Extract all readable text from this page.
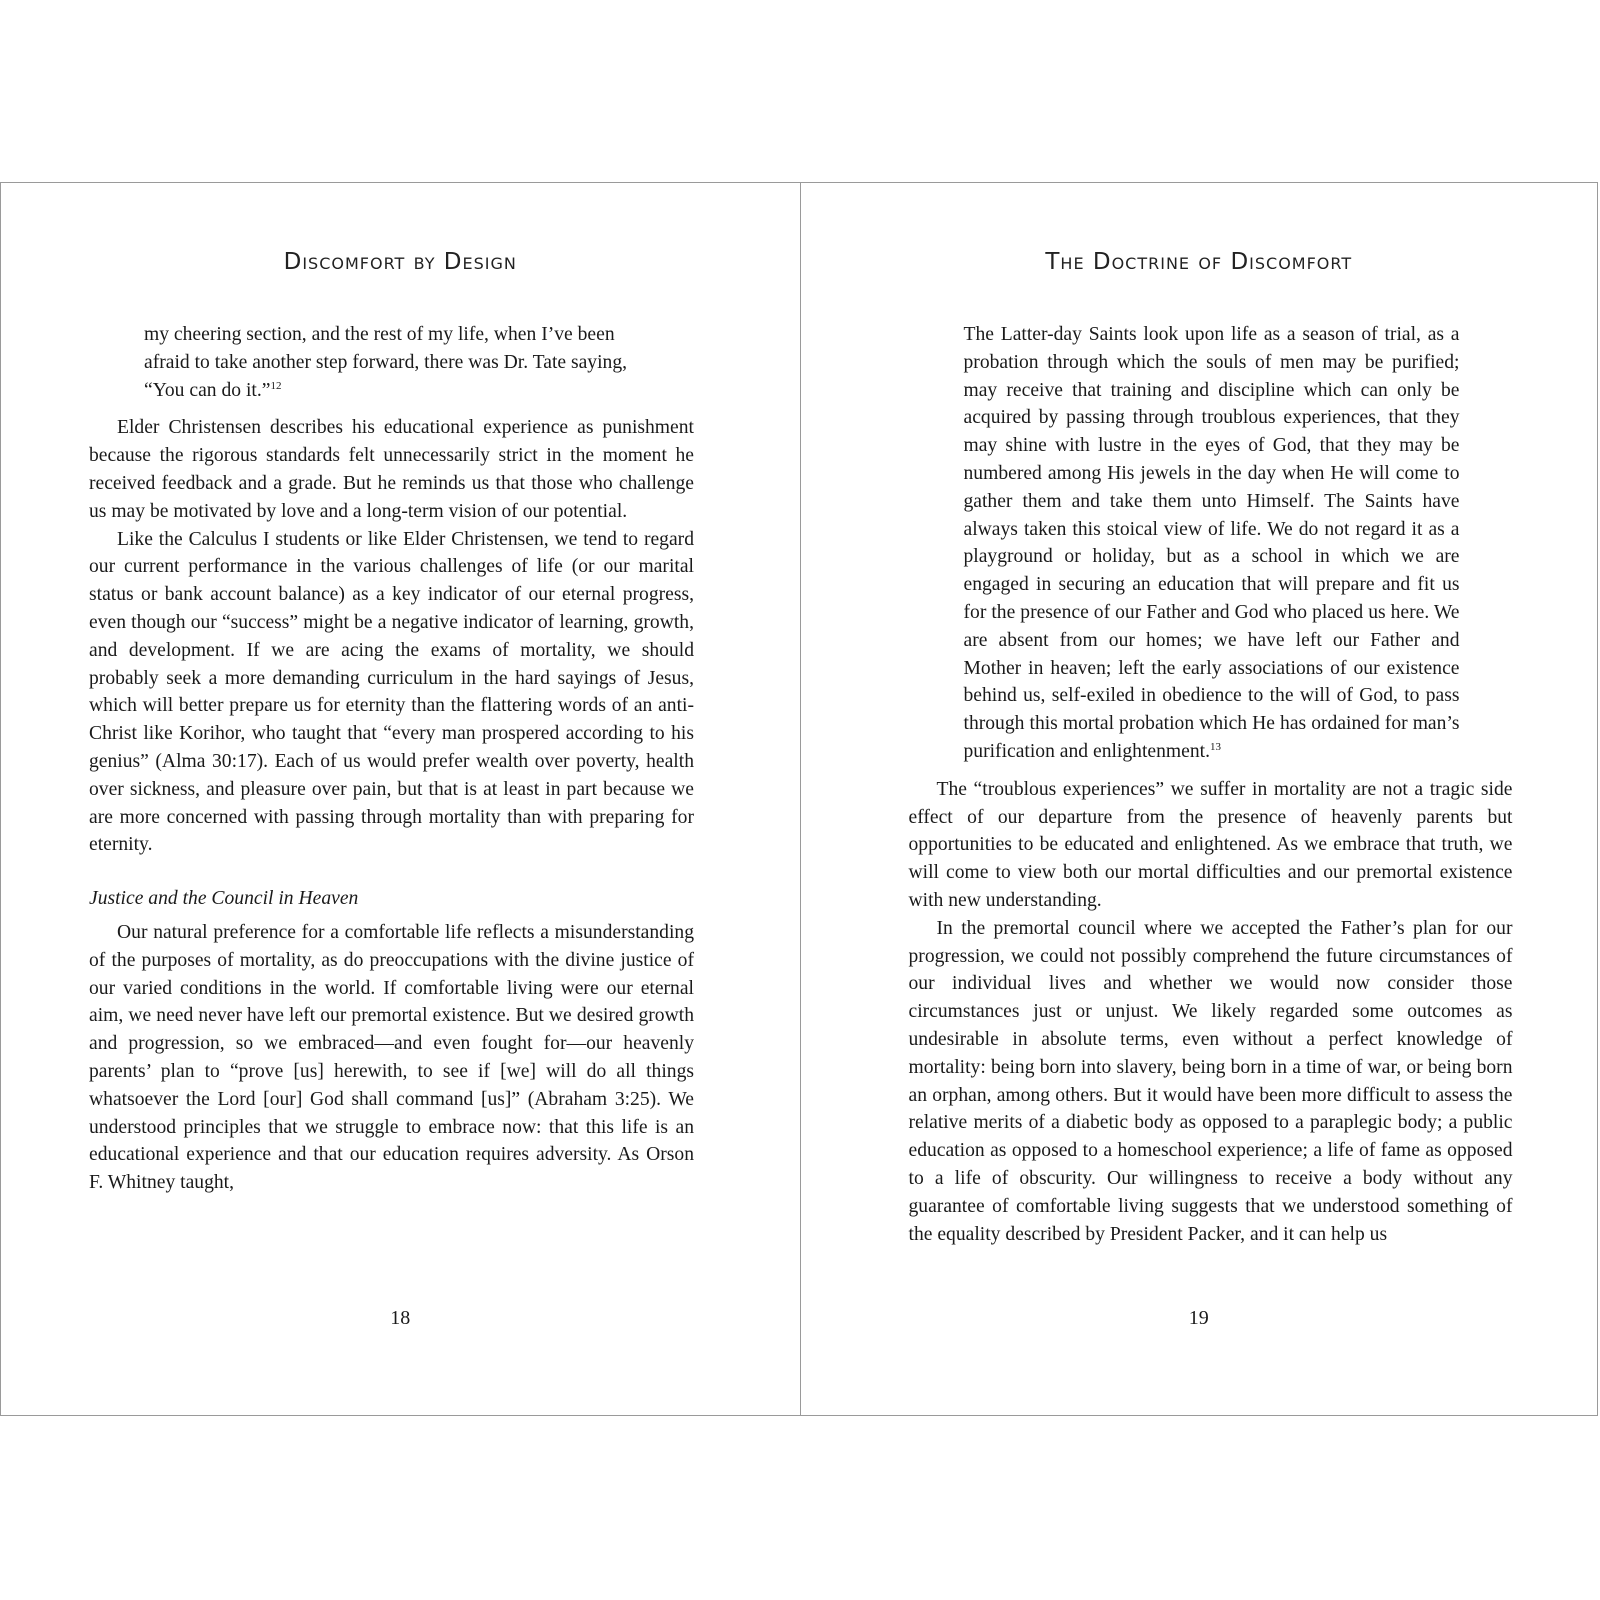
Discomfort by Design

my cheering section, and the rest of my life, when I’ve been afraid to take another step forward, there was Dr. Tate saying, “You can do it.”$^{12}$

Elder Christensen describes his educational experience as punishment because the rigorous standards felt unnecessarily strict in the moment he received feedback and a grade. But he reminds us that those who challenge us may be motivated by love and a long-term vision of our potential.

Like the Calculus I students or like Elder Christensen, we tend to regard our current performance in the various challenges of life (or our marital status or bank account balance) as a key indicator of our eternal progress, even though our “success” might be a negative indicator of learning, growth, and development. If we are acing the exams of mortality, we should probably seek a more demanding curriculum in the hard sayings of Jesus, which will better prepare us for eternity than the flattering words of an anti-Christ like Korihor, who taught that “every man prospered according to his genius” (Alma 30:17). Each of us would prefer wealth over poverty, health over sickness, and pleasure over pain, but that is at least in part because we are more concerned with passing through mortality than with preparing for eternity.

Justice and the Council in Heaven

Our natural preference for a comfortable life reflects a misunderstanding of the purposes of mortality, as do preoccupations with the divine justice of our varied conditions in the world. If comfortable living were our eternal aim, we need never have left our premortal existence. But we desired growth and progression, so we embraced—and even fought for—our heavenly parents’ plan to “prove [us] herewith, to see if [we] will do all things whatsoever the Lord [our] God shall command [us]” (Abraham 3:25). We understood principles that we struggle to embrace now: that this life is an educational experience and that our education requires adversity. As Orson F. Whitney taught,

18
The Doctrine of Discomfort

The Latter-day Saints look upon life as a season of trial, as a probation through which the souls of men may be purified; may receive that training and discipline which can only be acquired by passing through troublous experiences, that they may shine with lustre in the eyes of God, that they may be numbered among His jewels in the day when He will come to gather them and take them unto Himself. The Saints have always taken this stoical view of life. We do not regard it as a playground or holiday, but as a school in which we are engaged in securing an education that will prepare and fit us for the presence of our Father and God who placed us here. We are absent from our homes; we have left our Father and Mother in heaven; left the early associations of our existence behind us, self-exiled in obedience to the will of God, to pass through this mortal probation which He has ordained for man’s purification and enlightenment.$^{13}$

The “troublous experiences” we suffer in mortality are not a tragic side effect of our departure from the presence of heavenly parents but opportunities to be educated and enlightened. As we embrace that truth, we will come to view both our mortal difficulties and our premortal existence with new understanding.

In the premortal council where we accepted the Father’s plan for our progression, we could not possibly comprehend the future circumstances of our individual lives and whether we would now consider those circumstances just or unjust. We likely regarded some outcomes as undesirable in absolute terms, even without a perfect knowledge of mortality: being born into slavery, being born in a time of war, or being born an orphan, among others. But it would have been more difficult to assess the relative merits of a diabetic body as opposed to a paraplegic body; a public education as opposed to a homeschool experience; a life of fame as opposed to a life of obscurity. Our willingness to receive a body without any guarantee of comfortable living suggests that we understood something of the equality described by President Packer, and it can help us

19
